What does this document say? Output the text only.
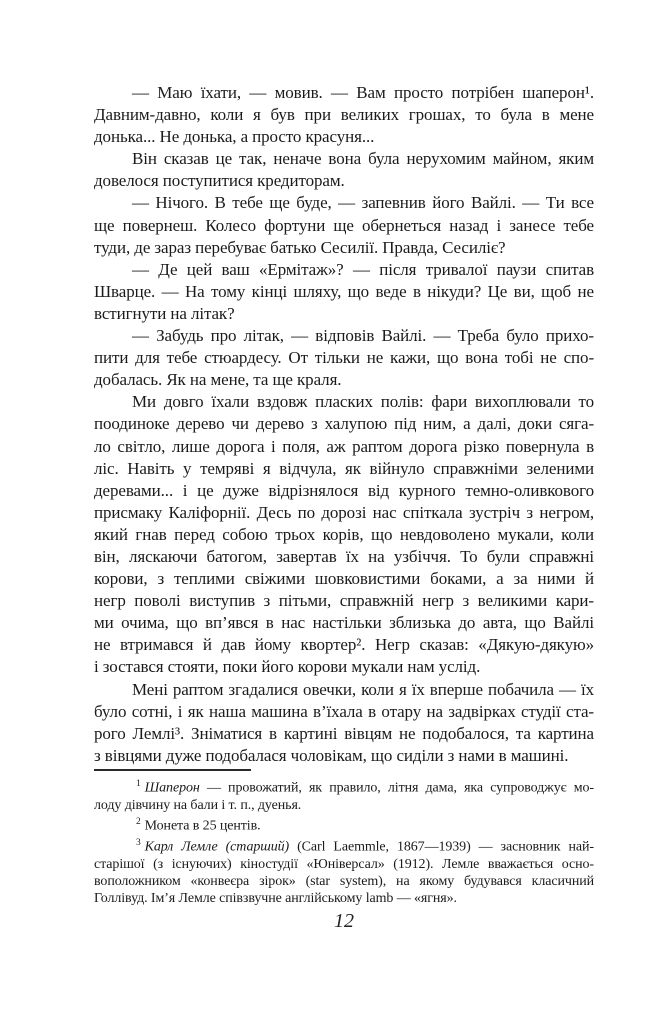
— Маю їхати, — мовив. — Вам просто потрібен шаперон¹.
Давним-давно, коли я був при великих грошах, то була в мене
донька... Не донька, а просто красуня...
Він сказав це так, неначе вона була нерухомим майном, яким
довелося поступитися кредиторам.
— Нічого. В тебе ще буде, — запевнив його Вайлі. — Ти все
ще повернеш. Колесо фортуни ще обернеться назад і занесе тебе
туди, де зараз перебуває батько Сесилії. Правда, Сесиліє?
— Де цей ваш «Ермітаж»? — після тривалої паузи спитав
Шварце. — На тому кінці шляху, що веде в нікуди? Це ви, щоб не
встигнути на літак?
— Забудь про літак, — відповів Вайлі. — Треба було прихо-
пити для тебе стюардесу. От тільки не кажи, що вона тобі не спо-
добалась. Як на мене, та ще краля.
Ми довго їхали вздовж пласких полів: фари вихоплювали то
поодиноке дерево чи дерево з халупою під ним, а далі, доки сяга-
ло світло, лише дорога і поля, аж раптом дорога різко повернула в
ліс. Навіть у темряві я відчула, як війнуло справжніми зеленими
деревами... і це дуже відрізнялося від курного темно-оливкового
присмаку Каліфорнії. Десь по дорозі нас спіткала зустріч з негром,
який гнав перед собою трьох корів, що невдоволено мукали, коли
він, ляскаючи батогом, завертав їх на узбіччя. То були справжні
корови, з теплими свіжими шовковистими боками, а за ними й
негр поволі виступив з пітьми, справжній негр з великими кари-
ми очима, що вп’явся в нас настільки зблизька до авта, що Вайлі
не втримався й дав йому квортер². Негр сказав: «Дякую-дякую»
і зостався стояти, поки його корови мукали нам услід.
Мені раптом згадалися овечки, коли я їх вперше побачила — їх
було сотні, і як наша машина в’їхала в отару на задвірках студії ста-
рого Лемлі³. Зніматися в картині вівцям не подобалося, та картина
з вівцями дуже подобалася чоловікам, що сиділи з нами в машині.
$^1$ Шаперон — провожатий, як правило, літня дама, яка супроводжує мо-
лоду дівчину на бали і т. п., дуенья.
$^2$ Монета в 25 центів.
$^3$ Карл Лемле (старший) (Carl Laemmle, 1867—1939) — засновник най-
старішої (з існуючих) кіностудії «Юніверсал» (1912). Лемле вважається осно-
воположником «конвеєра зірок» (star system), на якому будувався класичний
Голлівуд. Ім’я Лемле співзвучне англійському lamb — «ягня».
12
